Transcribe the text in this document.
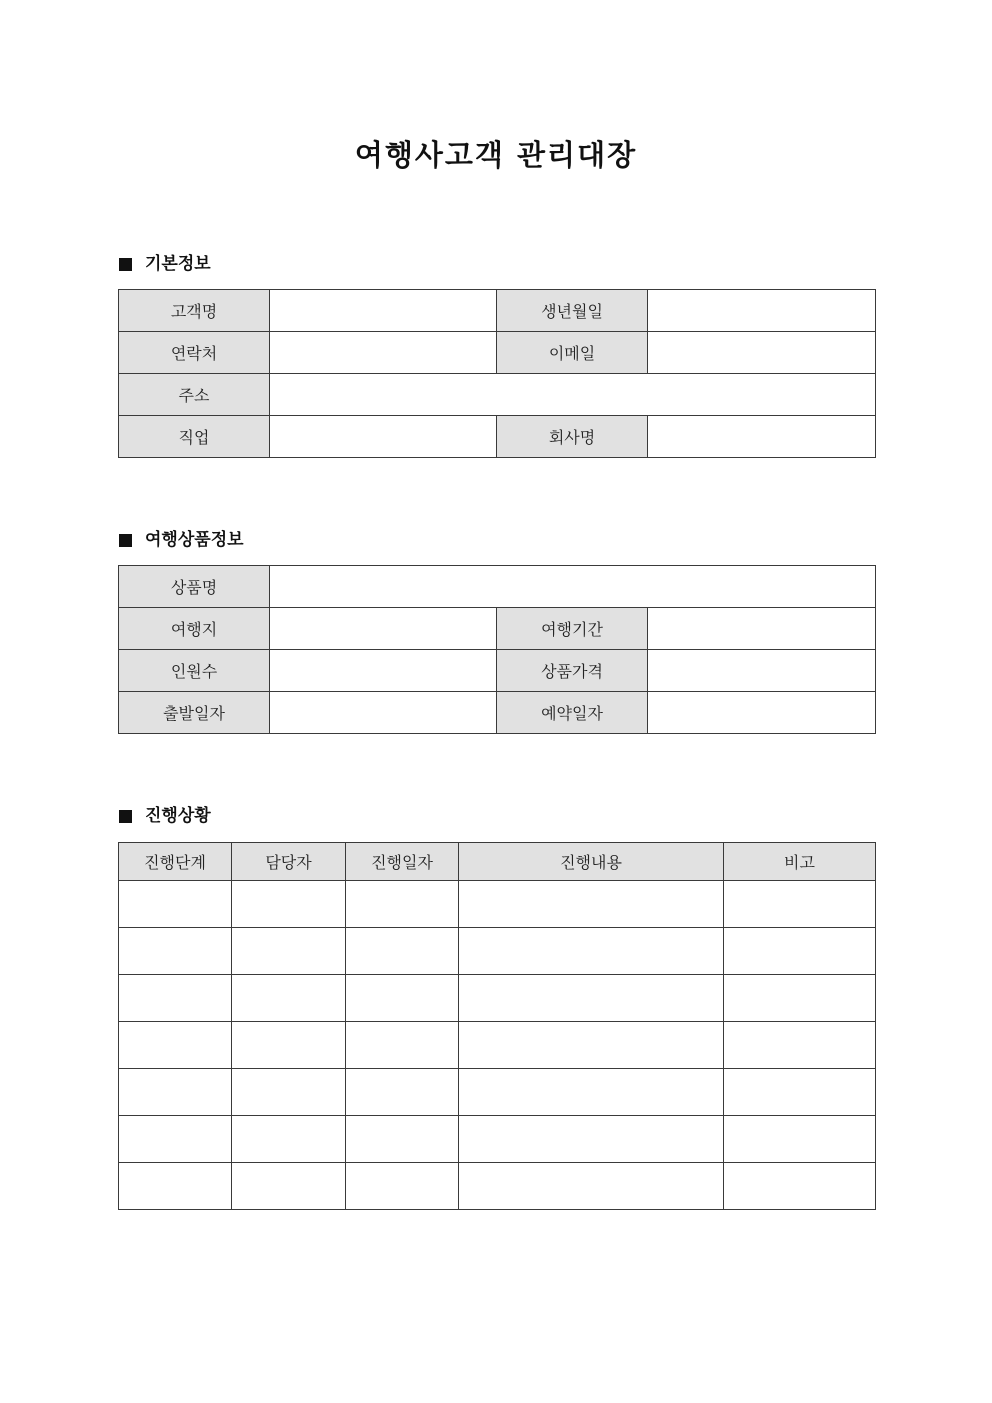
여행사고객 관리대장
기본정보
고객명		생년월일	
연락처		이메일	
주소			
직업		회사명	
여행상품정보
상품명			
여행지		여행기간	
인원수		상품가격	
출발일자		예약일자	
진행상황
진행단계	담당자	진행일자	진행내용	비고
